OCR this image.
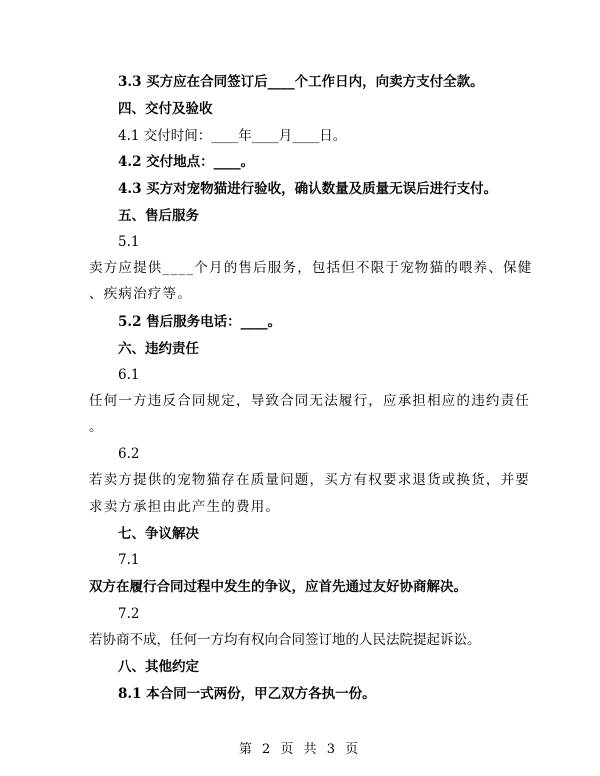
3.3 买方应在合同签订后____个工作日内，向卖方支付全款。
四、交付及验收
4.1 交付时间：____年____月____日。
4.2 交付地点：____。
4.3 买方对宠物猫进行验收，确认数量及质量无误后进行支付。
五、售后服务
5.1
卖方应提供____个月的售后服务，包括但不限于宠物猫的喂养、保健
、疾病治疗等。
5.2 售后服务电话：____。
六、违约责任
6.1
任何一方违反合同规定，导致合同无法履行，应承担相应的违约责任
。
6.2
若卖方提供的宠物猫存在质量问题，买方有权要求退货或换货，并要
求卖方承担由此产生的费用。
七、争议解决
7.1
双方在履行合同过程中发生的争议，应首先通过友好协商解决。
7.2
若协商不成，任何一方均有权向合同签订地的人民法院提起诉讼。
八、其他约定
8.1 本合同一式两份，甲乙双方各执一份。
第 2 页 共 3 页
